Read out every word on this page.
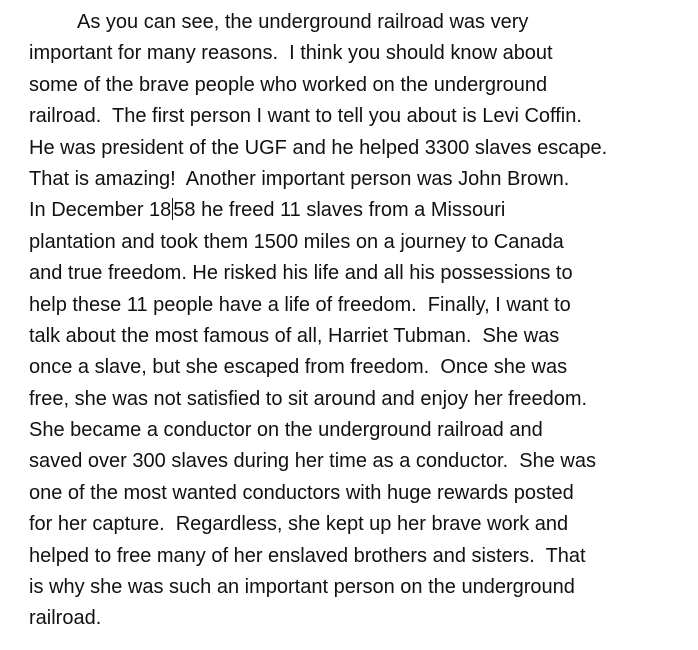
As you can see, the underground railroad was very

important for many reasons.  I think you should know about

some of the brave people who worked on the underground

railroad.  The first person I want to tell you about is Levi Coffin.

He was president of the UGF and he helped 3300 slaves escape.

That is amazing!  Another important person was John Brown.

In December 18 58 he freed 11 slaves from a Missouri

plantation and took them 1500 miles on a journey to Canada

and true freedom. He risked his life and all his possessions to

help these 11 people have a life of freedom.  Finally, I want to

talk about the most famous of all, Harriet Tubman.  She was

once a slave, but she escaped from freedom.  Once she was

free, she was not satisfied to sit around and enjoy her freedom.

She became a conductor on the underground railroad and

saved over 300 slaves during her time as a conductor.  She was

one of the most wanted conductors with huge rewards posted

for her capture.  Regardless, she kept up her brave work and

helped to free many of her enslaved brothers and sisters.  That

is why she was such an important person on the underground

railroad.
